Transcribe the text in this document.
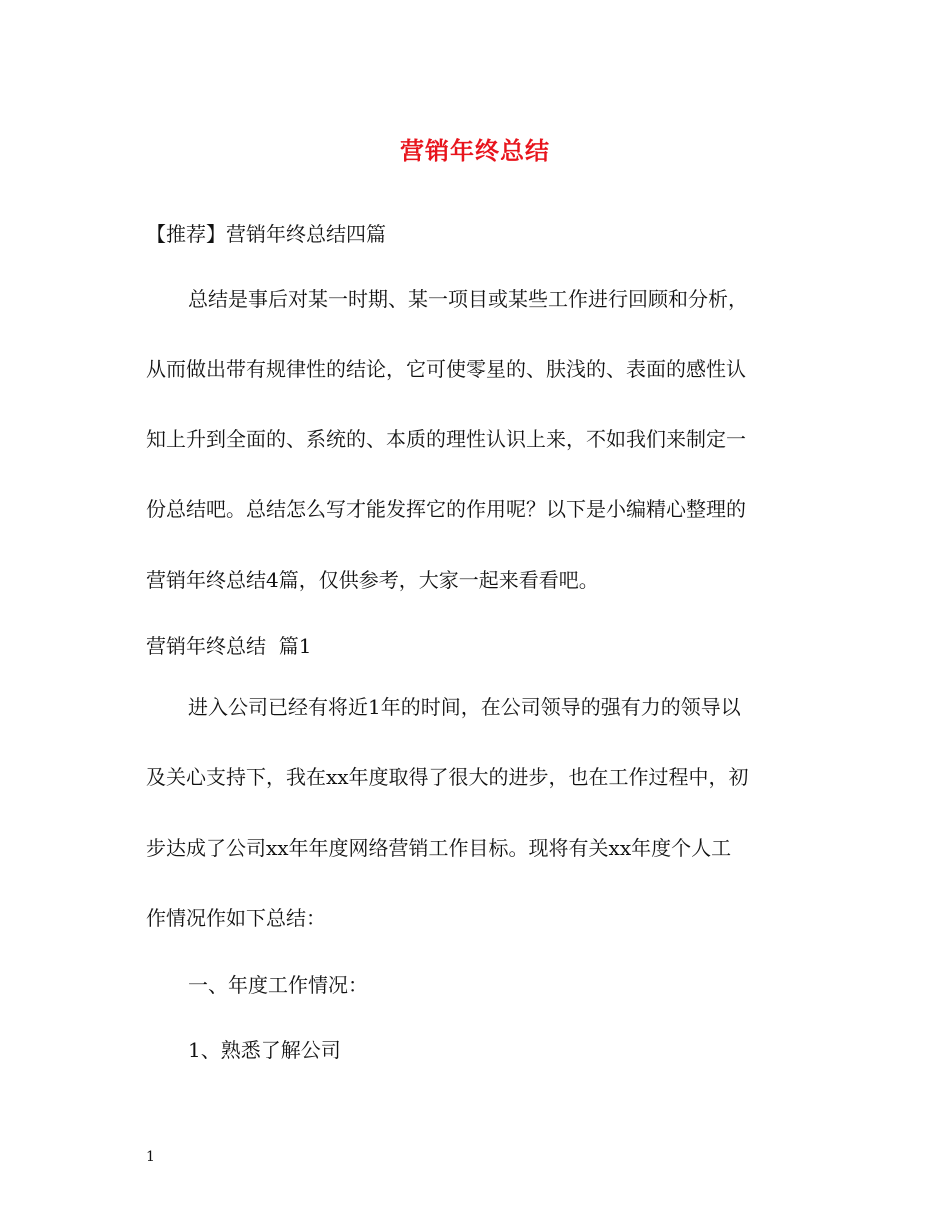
营销年终总结
【推荐】营销年终总结四篇
总结是事后对某一时期、某一项目或某些工作进行回顾和分析，
从而做出带有规律性的结论，它可使零星的、肤浅的、表面的感性认
知上升到全面的、系统的、本质的理性认识上来，不如我们来制定一
份总结吧。总结怎么写才能发挥它的作用呢？以下是小编精心整理的
营销年终总结4篇，仅供参考，大家一起来看看吧。
营销年终总结  篇1
进入公司已经有将近1年的时间，在公司领导的强有力的领导以
及关心支持下，我在xx年度取得了很大的进步，也在工作过程中，初
步达成了公司xx年年度网络营销工作目标。现将有关xx年度个人工
作情况作如下总结：
一、年度工作情况：
1、熟悉了解公司
1
